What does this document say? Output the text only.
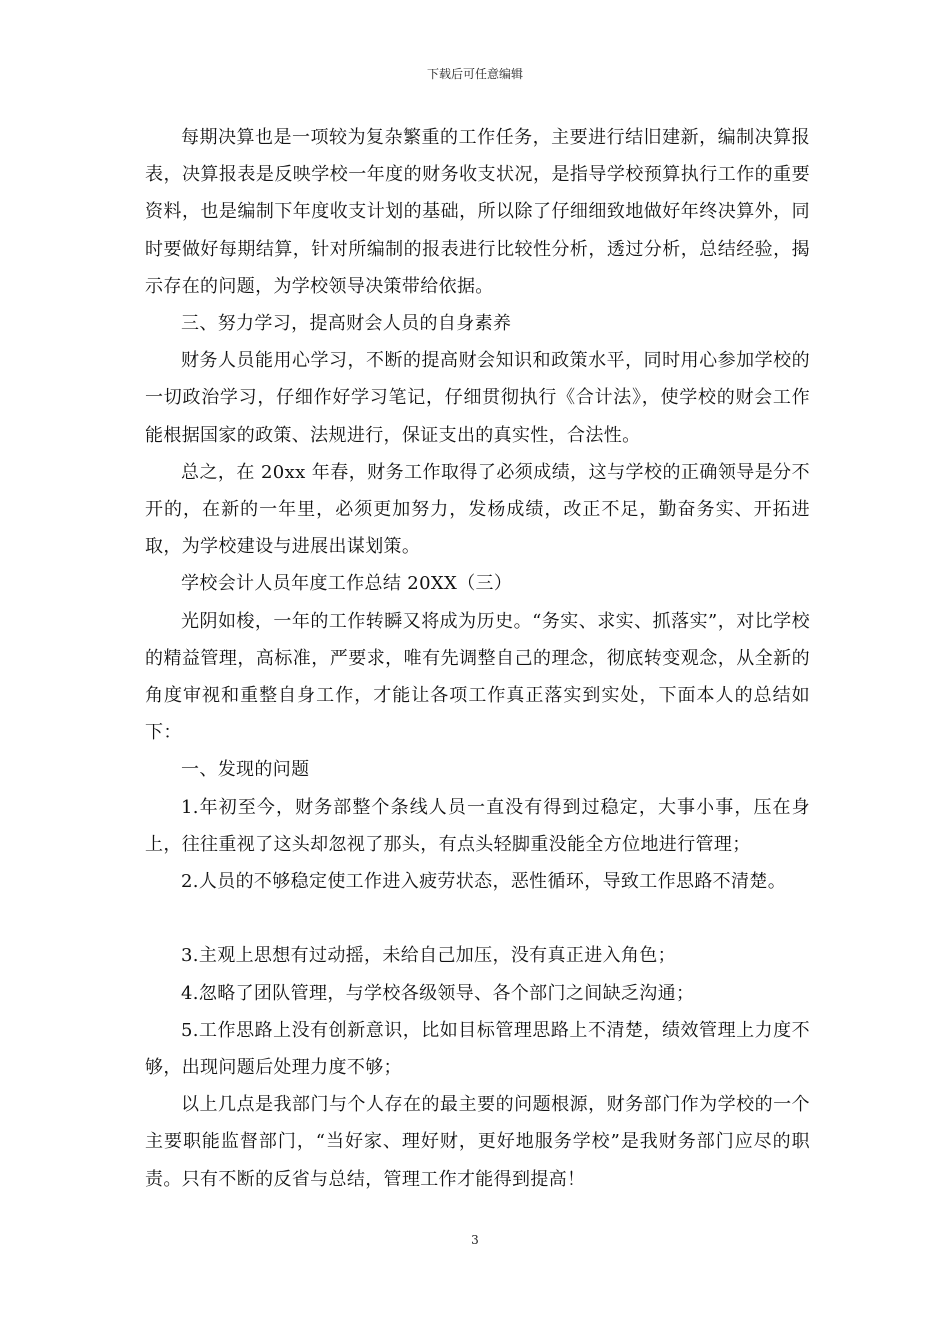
下载后可任意编辑

每期决算也是一项较为复杂繁重的工作任务，主要进行结旧建新，编制决算报表，决算报表是反映学校一年度的财务收支状况，是指导学校预算执行工作的重要资料，也是编制下年度收支计划的基础，所以除了仔细细致地做好年终决算外，同时要做好每期结算，针对所编制的报表进行比较性分析，透过分析，总结经验，揭示存在的问题，为学校领导决策带给依据。

三、努力学习，提高财会人员的自身素养

财务人员能用心学习，不断的提高财会知识和政策水平，同时用心参加学校的一切政治学习，仔细作好学习笔记，仔细贯彻执行《合计法》，使学校的财会工作能根据国家的政策、法规进行，保证支出的真实性，合法性。

总之，在 20xx 年春，财务工作取得了必须成绩，这与学校的正确领导是分不开的，在新的一年里，必须更加努力，发杨成绩，改正不足，勤奋务实、开拓进取，为学校建设与进展出谋划策。

学校会计人员年度工作总结 20XX（三）

光阴如梭，一年的工作转瞬又将成为历史。“务实、求实、抓落实”，对比学校的精益管理，高标准，严要求，唯有先调整自己的理念，彻底转变观念，从全新的角度审视和重整自身工作，才能让各项工作真正落实到实处，下面本人的总结如下：

一、发现的问题

1.年初至今，财务部整个条线人员一直没有得到过稳定，大事小事，压在身上，往往重视了这头却忽视了那头，有点头轻脚重没能全方位地进行管理；

2.人员的不够稳定使工作进入疲劳状态，恶性循环，导致工作思路不清楚。

3.主观上思想有过动摇，未给自己加压，没有真正进入角色；

4.忽略了团队管理，与学校各级领导、各个部门之间缺乏沟通；

5.工作思路上没有创新意识，比如目标管理思路上不清楚，绩效管理上力度不够，出现问题后处理力度不够；

以上几点是我部门与个人存在的最主要的问题根源，财务部门作为学校的一个主要职能监督部门，“当好家、理好财，更好地服务学校”是我财务部门应尽的职责。只有不断的反省与总结，管理工作才能得到提高！

3
